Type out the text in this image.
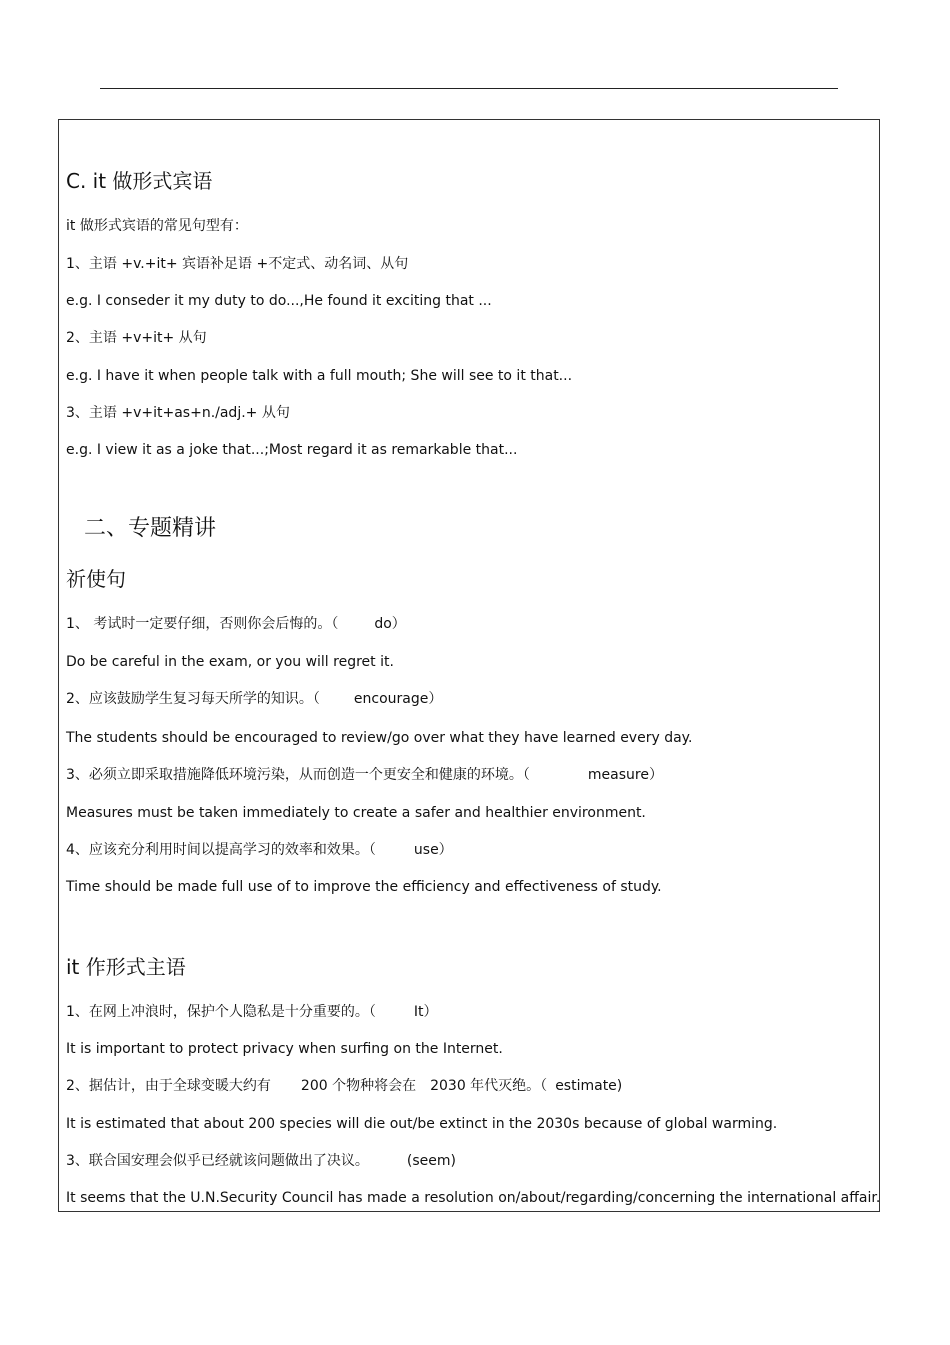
C. it 做形式宾语
it 做形式宾语的常见句型有：
1、主语 +v.+it+ 宾语补足语 +不定式、动名词、从句
e.g. I conseder it my duty to do...,He found it exciting that ...
2、主语 +v+it+ 从句
e.g. I have it when people talk with a full mouth; She will see to it that...
3、主语 +v+it+as+n./adj.+ 从句
e.g. I view it as a joke that...;Most regard it as remarkable that...
二、专题精讲
祈使句
1、 考试时一定要仔细，否则你会后悔的。（	do）
Do be careful in the exam, or you will regret it.
2、应该鼓励学生复习每天所学的知识。（ encourage）
The students should be encouraged to review/go over what they have learned every day.
3、必须立即采取措施降低环境污染，从而创造一个更安全和健康的环境。（	measure）
Measures must be taken immediately to create a safer and healthier environment.
4、应该充分利用时间以提高学习的效率和效果。（	use）
Time should be made full use of to improve the efficiency and effectiveness of study.
it 作形式主语
1、在网上冲浪时，保护个人隐私是十分重要的。（	It）
It is important to protect privacy when surfing on the Internet.
2、据估计，由于全球变暖大约有 200 个物种将会在 2030 年代灭绝。（ estimate)
It is estimated that about 200 species will die out/be extinct in the 2030s because of global warming.
3、联合国安理会似乎已经就该问题做出了决议。	(seem)
It seems that the U.N.Security Council has made a resolution on/about/regarding/concerning the international affair.
